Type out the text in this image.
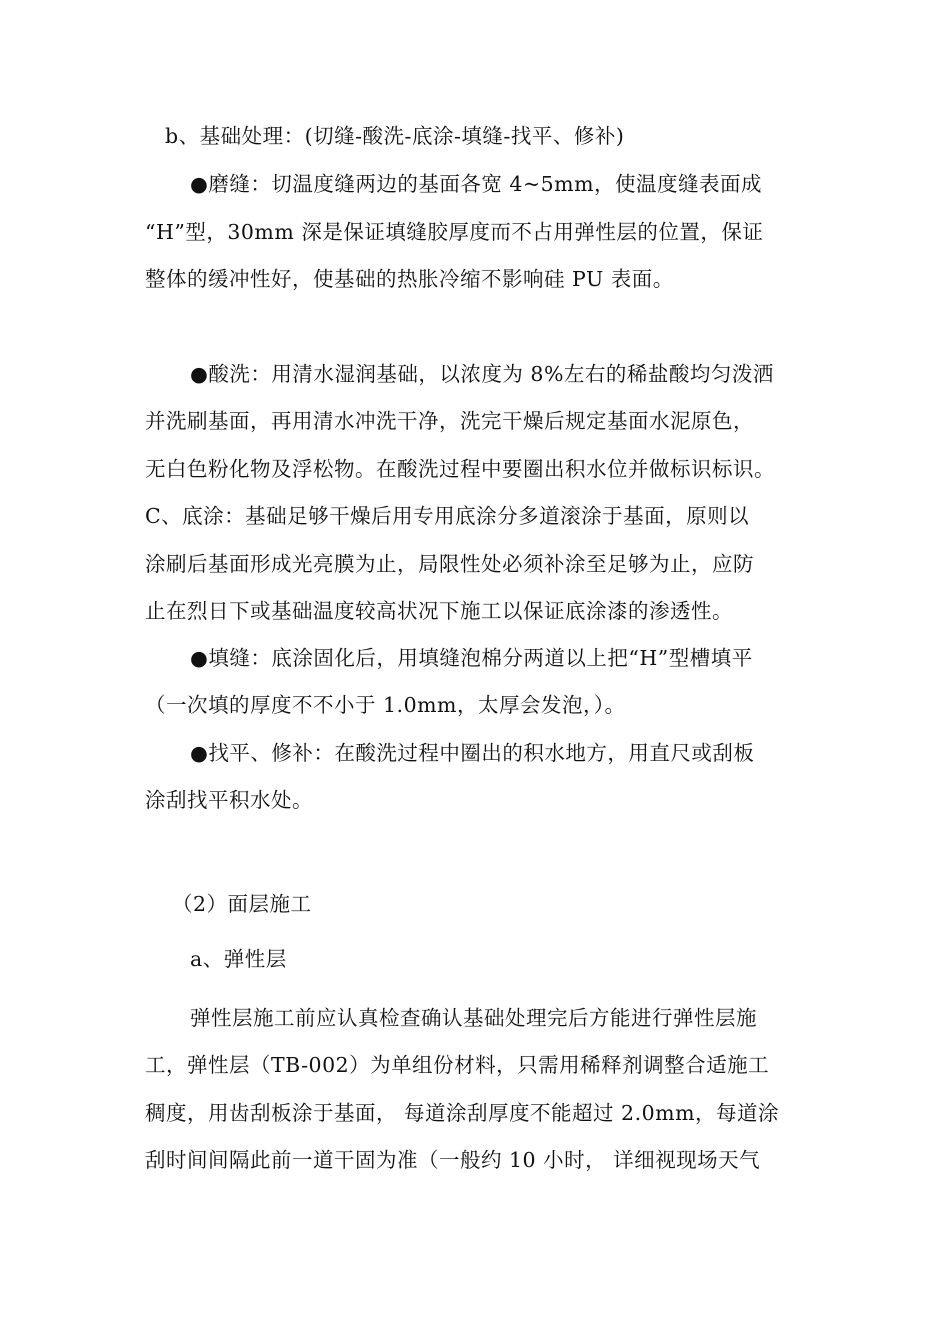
b、基础处理：(切缝-酸洗-底涂-填缝-找平、修补)
●磨缝：切温度缝两边的基面各宽 4~5mm，使温度缝表面成
“H”型，30mm 深是保证填缝胶厚度而不占用弹性层的位置，保证
整体的缓冲性好，使基础的热胀冷缩不影响硅 PU 表面。
●酸洗：用清水湿润基础，以浓度为 8%左右的稀盐酸均匀泼洒
并洗刷基面，再用清水冲洗干净，洗完干燥后规定基面水泥原色，
无白色粉化物及浮松物。在酸洗过程中要圈出积水位并做标识标识。
C、底涂：基础足够干燥后用专用底涂分多道滚涂于基面，原则以
涂刷后基面形成光亮膜为止，局限性处必须补涂至足够为止，应防
止在烈日下或基础温度较高状况下施工以保证底涂漆的渗透性。
●填缝：底涂固化后，用填缝泡棉分两道以上把“H”型槽填平
（一次填的厚度不不小于 1.0mm，太厚会发泡，）。
●找平、修补：在酸洗过程中圈出的积水地方，用直尺或刮板
涂刮找平积水处。
（2）面层施工
a、弹性层
弹性层施工前应认真检查确认基础处理完后方能进行弹性层施
工，弹性层（TB-002）为单组份材料，只需用稀释剂调整合适施工
稠度，用齿刮板涂于基面， 每道涂刮厚度不能超过 2.0mm，每道涂
刮时间间隔此前一道干固为准（一般约 10 小时， 详细视现场天气
